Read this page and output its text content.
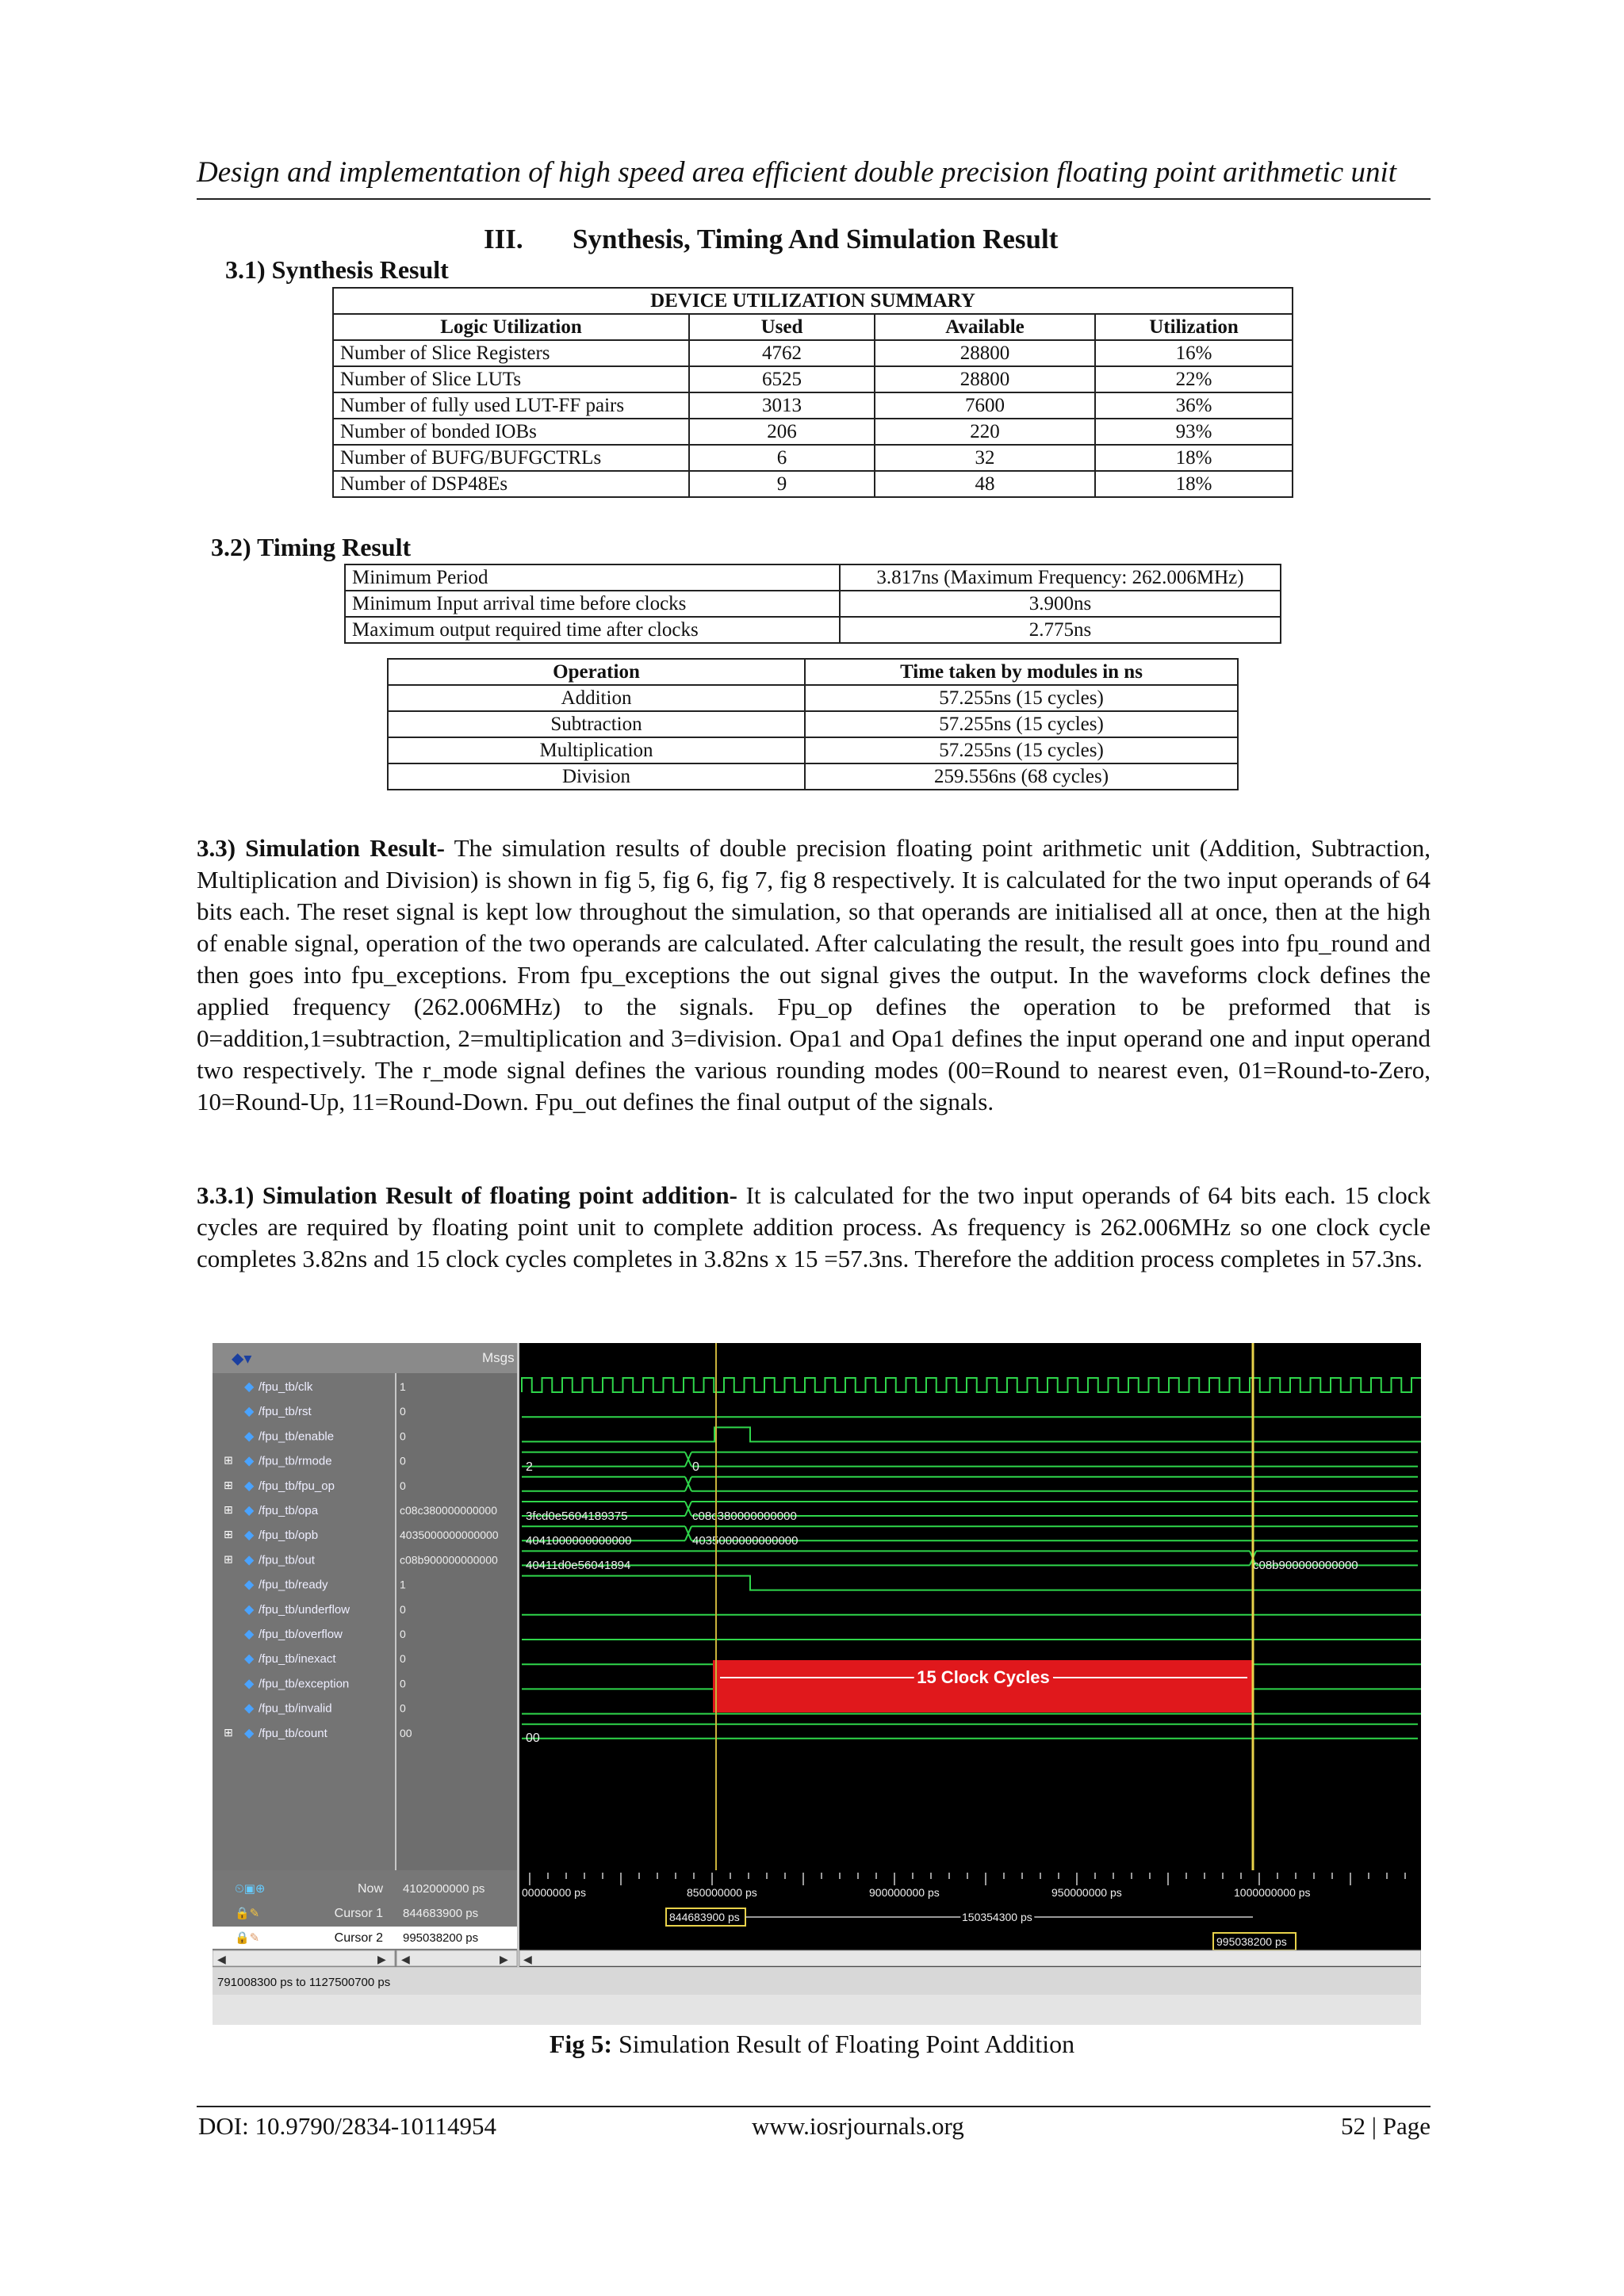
Design and implementation of high speed area efficient double precision floating point arithmetic unit
III. Synthesis, Timing And Simulation Result
3.1) Synthesis Result
DEVICE UTILIZATION SUMMARY			
Logic Utilization	Used	Available	Utilization
Number of Slice Registers	4762	28800	16%
Number of Slice LUTs	6525	28800	22%
Number of fully used LUT-FF pairs	3013	7600	36%
Number of bonded IOBs	206	220	93%
Number of BUFG/BUFGCTRLs	6	32	18%
Number of DSP48Es	9	48	18%
3.2) Timing Result
Minimum Period	3.817ns (Maximum Frequency: 262.006MHz)
Minimum Input arrival time before clocks	3.900ns
Maximum output required time after clocks	2.775ns
Operation	Time taken by modules in ns
Addition	57.255ns (15 cycles)
Subtraction	57.255ns (15 cycles)
Multiplication	57.255ns (15 cycles)
Division	259.556ns (68 cycles)
3.3) Simulation Result- The simulation results of double precision floating point arithmetic unit (Addition, Subtraction, Multiplication and Division) is shown in fig 5, fig 6, fig 7, fig 8 respectively. It is calculated for the two input operands of 64 bits each. The reset signal is kept low throughout the simulation, so that operands are initialised all at once, then at the high of enable signal, operation of the two operands are calculated. After calculating the result, the result goes into fpu_round and then goes into fpu_exceptions. From fpu_exceptions the out signal gives the output. In the waveforms clock defines the applied frequency (262.006MHz) to the signals. Fpu_op defines the operation to be preformed that is 0=addition,1=subtraction, 2=multiplication and 3=division. Opa1 and Opa1 defines the input operand one and input operand two respectively. The r_mode signal defines the various rounding modes (00=Round to nearest even, 01=Round-to-Zero, 10=Round-Up, 11=Round-Down. Fpu_out defines the final output of the signals.
3.3.1) Simulation Result of floating point addition- It is calculated for the two input operands of 64 bits each. 15 clock cycles are required by floating point unit to complete addition process. As frequency is 262.006MHz so one clock cycle completes 3.82ns and 15 clock cycles completes in 3.82ns x 15 =57.3ns. Therefore the addition process completes in 57.3ns.
◆▾	Msgs
◆ /fpu_tb/clk	1
◆ /fpu_tb/rst	0
◆ /fpu_tb/enable	0
⊞ ◆ /fpu_tb/rmode	0
⊞ ◆ /fpu_tb/fpu_op	0
⊞ ◆ /fpu_tb/opa	c08c380000000000
⊞ ◆ /fpu_tb/opb	4035000000000000
⊞ ◆ /fpu_tb/out	c08b900000000000
◆ /fpu_tb/ready	1
◆ /fpu_tb/underflow	0
◆ /fpu_tb/overflow	0
◆ /fpu_tb/inexact	0
◆ /fpu_tb/exception	0
◆ /fpu_tb/invalid	0
⊞ ◆ /fpu_tb/count	00
2	0
3fcd0e5604189375	c08c380000000000
4041000000000000	4035000000000000
40411d0e56041894	c08b900000000000
00
15 Clock Cycles
⏲▣⊕	Now 4102000000 ps
🔒✎	Cursor 1 844683900 ps
🔒✎	Cursor 2 995038200 ps
00000000 ps	850000000 ps	900000000 ps	950000000 ps	1000000000 ps
844683900 ps	150354300 ps
995038200 ps
◀	▶ ◀	▶ ◀
791008300 ps to 1127500700 ps
Fig 5: Simulation Result of Floating Point Addition
DOI: 10.9790/2834-10114954	www.iosrjournals.org	52 | Page
